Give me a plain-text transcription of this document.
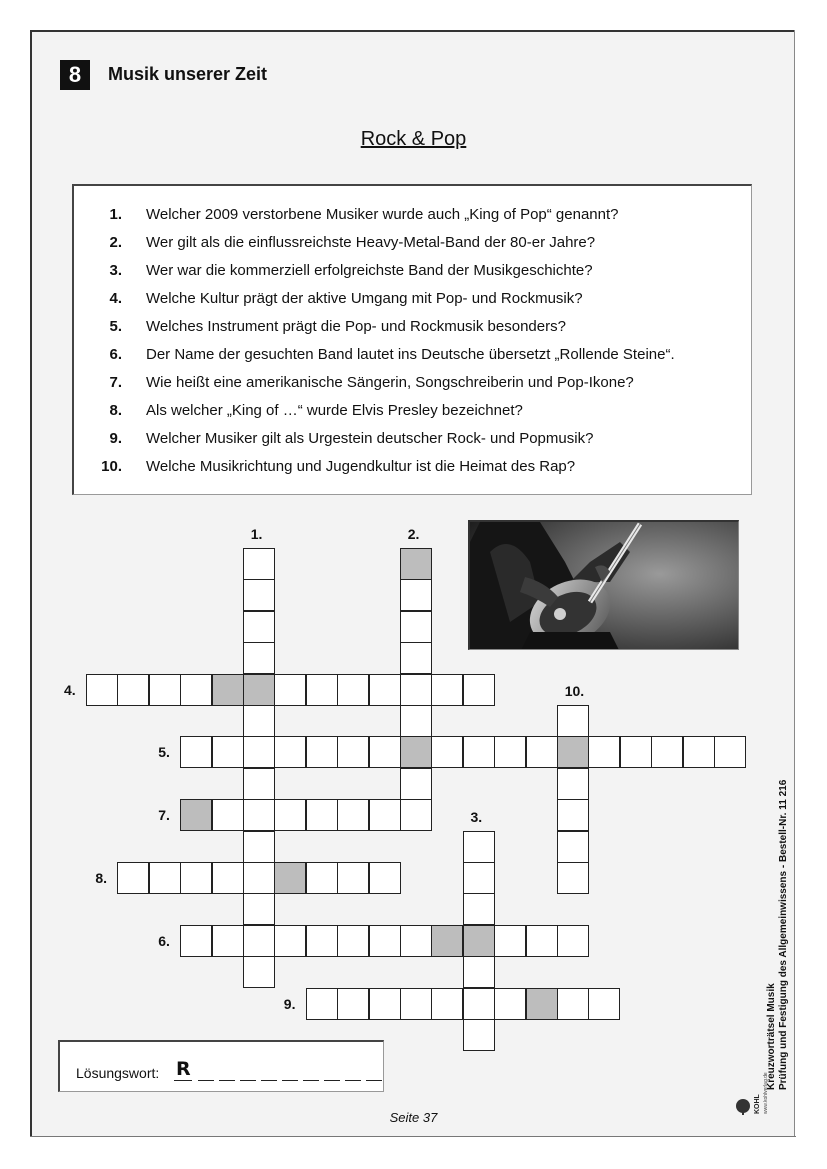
8	Musik unserer Zeit
Rock & Pop
1. Welcher 2009 verstorbene Musiker wurde auch „King of Pop“ genannt?
2. Wer gilt als die einflussreichste Heavy-Metal-Band der 80-er Jahre?
3. Wer war die kommerziell erfolgreichste Band der Musikgeschichte?
4. Welche Kultur prägt der aktive Umgang mit Pop- und Rockmusik?
5. Welches Instrument prägt die Pop- und Rockmusik besonders?
6. Der Name der gesuchten Band lautet ins Deutsche übersetzt „Rollende Steine“.
7. Wie heißt eine amerikanische Sängerin, Songschreiberin und Pop-Ikone?
8. Als welcher „King of …“ wurde Elvis Presley bezeichnet?
9. Welcher Musiker gilt als Urgestein deutscher Rock- und Popmusik?
10. Welche Musikrichtung und Jugendkultur ist die Heimat des Rap?
1.	2.
3.
4.
5.
6.
7.
8.
9.
10.
Lösungswort: R
Seite 37
Kreuzworträtsel Musik Prüfung und Festigung des Allgemeinwissens - Bestell-Nr. 11 216
KOHL www.kohlverlag.de
